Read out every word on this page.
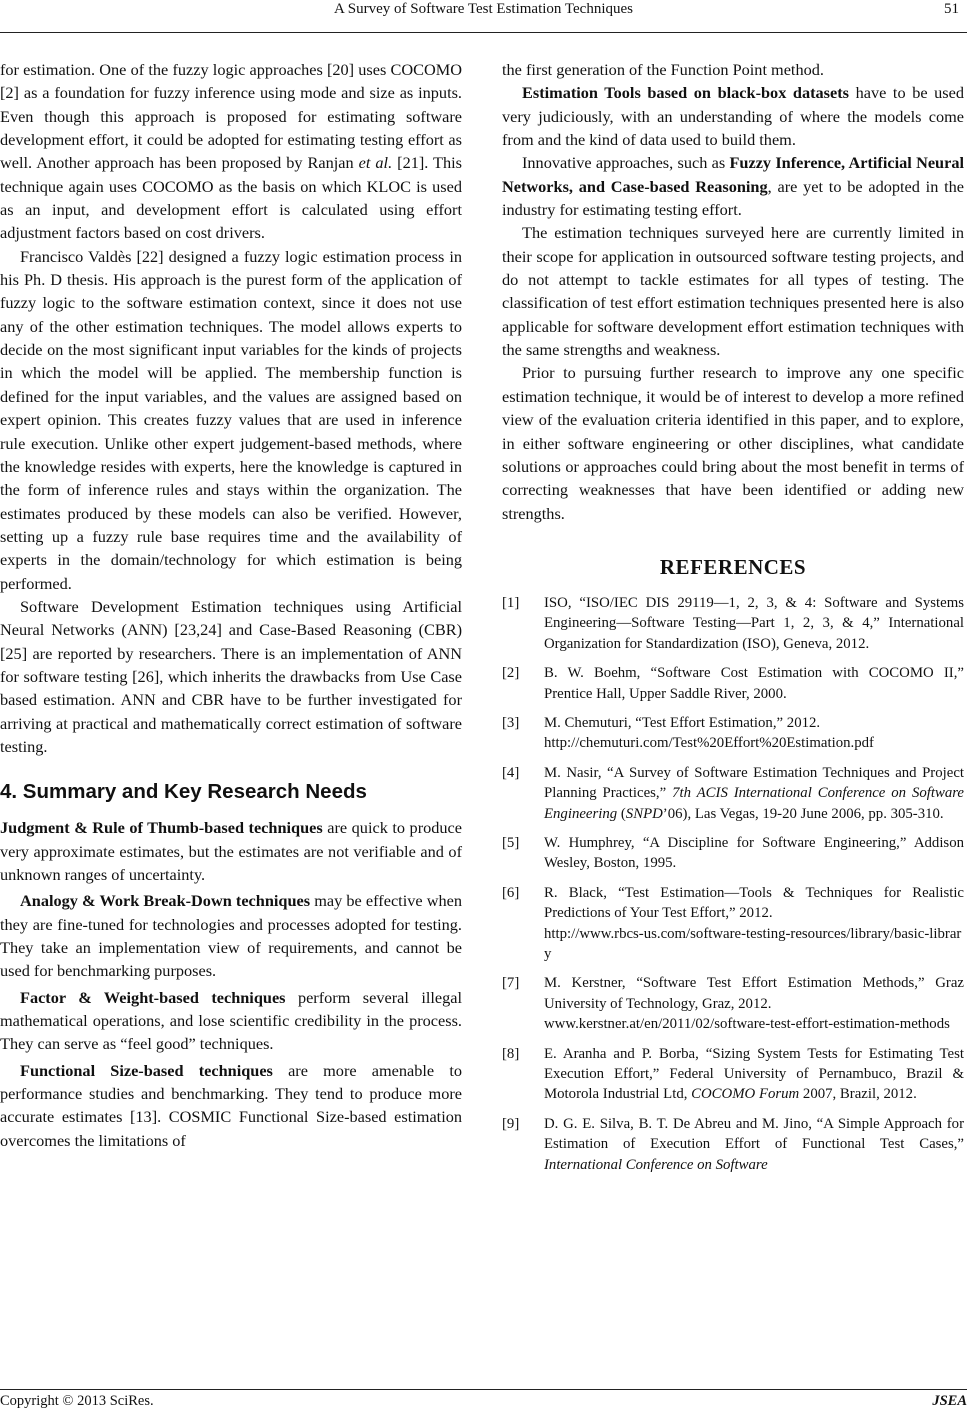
A Survey of Software Test Estimation Techniques	51

for estimation. One of the fuzzy logic approaches [20] uses COCOMO [2] as a foundation for fuzzy inference using mode and size as inputs. Even though this approach is proposed for estimating software development effort, it could be adopted for estimating testing effort as well. Another approach has been proposed by Ranjan et al. [21]. This technique again uses COCOMO as the basis on which KLOC is used as an input, and development effort is calculated using effort adjustment factors based on cost drivers.

Francisco Valdès [22] designed a fuzzy logic estimation process in his Ph. D thesis. His approach is the purest form of the application of fuzzy logic to the software estimation context, since it does not use any of the other estimation techniques. The model allows experts to decide on the most significant input variables for the kinds of projects in which the model will be applied. The membership function is defined for the input variables, and the values are assigned based on expert opinion. This creates fuzzy values that are used in inference rule execution. Unlike other expert judgement-based methods, where the knowledge resides with experts, here the knowledge is captured in the form of inference rules and stays within the organization. The estimates produced by these models can also be verified. However, setting up a fuzzy rule base requires time and the availability of experts in the domain/technology for which estimation is being performed.

Software Development Estimation techniques using Artificial Neural Networks (ANN) [23,24] and Case-Based Reasoning (CBR) [25] are reported by researchers. There is an implementation of ANN for software testing [26], which inherits the drawbacks from Use Case based estimation. ANN and CBR have to be further investigated for arriving at practical and mathematically correct estimation of software testing.

4. Summary and Key Research Needs

Judgment & Rule of Thumb-based techniques are quick to produce very approximate estimates, but the estimates are not verifiable and of unknown ranges of uncertainty.

Analogy & Work Break-Down techniques may be effective when they are fine-tuned for technologies and processes adopted for testing. They take an implementation view of requirements, and cannot be used for benchmarking purposes.

Factor & Weight-based techniques perform several illegal mathematical operations, and lose scientific credibility in the process. They can serve as “feel good” techniques.

Functional Size-based techniques are more amenable to performance studies and benchmarking. They tend to produce more accurate estimates [13]. COSMIC Functional Size-based estimation overcomes the limitations of

the first generation of the Function Point method.

Estimation Tools based on black-box datasets have to be used very judiciously, with an understanding of where the models come from and the kind of data used to build them.

Innovative approaches, such as Fuzzy Inference, Artificial Neural Networks, and Case-based Reasoning, are yet to be adopted in the industry for estimating testing effort.

The estimation techniques surveyed here are currently limited in their scope for application in outsourced software testing projects, and do not attempt to tackle estimates for all types of testing. The classification of test effort estimation techniques presented here is also applicable for software development effort estimation techniques with the same strengths and weakness.

Prior to pursuing further research to improve any one specific estimation technique, it would be of interest to develop a more refined view of the evaluation criteria identified in this paper, and to explore, in either software engineering or other disciplines, what candidate solutions or approaches could bring about the most benefit in terms of correcting weaknesses that have been identified or adding new strengths.

REFERENCES
[1]	ISO, “ISO/IEC DIS 29119—1, 2, 3, & 4: Software and Systems Engineering—Software Testing—Part 1, 2, 3, & 4,” International Organization for Standardization (ISO), Geneva, 2012.
[2]	B. W. Boehm, “Software Cost Estimation with COCOMO II,” Prentice Hall, Upper Saddle River, 2000.
[3]	M. Chemuturi, “Test Effort Estimation,” 2012.
http://chemuturi.com/Test%20Effort%20Estimation.pdf
[4]	M. Nasir, “A Survey of Software Estimation Techniques and Project Planning Practices,” 7th ACIS International Conference on Software Engineering (SNPD’06), Las Vegas, 19-20 June 2006, pp. 305-310.
[5]	W. Humphrey, “A Discipline for Software Engineering,” Addison Wesley, Boston, 1995.
[6]	R. Black, “Test Estimation—Tools & Techniques for Realistic Predictions of Your Test Effort,” 2012.
http://www.rbcs-us.com/software-testing-resources/library/basic-library
[7]	M. Kerstner, “Software Test Effort Estimation Methods,” Graz University of Technology, Graz, 2012.
www.kerstner.at/en/2011/02/software-test-effort-estimation-methods
[8]	E. Aranha and P. Borba, “Sizing System Tests for Estimating Test Execution Effort,” Federal University of Pernambuco, Brazil & Motorola Industrial Ltd, COCOMO Forum 2007, Brazil, 2012.
[9]	D. G. E. Silva, B. T. De Abreu and M. Jino, “A Simple Approach for Estimation of Execution Effort of Functional Test Cases,” International Conference on Software
Copyright © 2013 SciRes.	JSEA
